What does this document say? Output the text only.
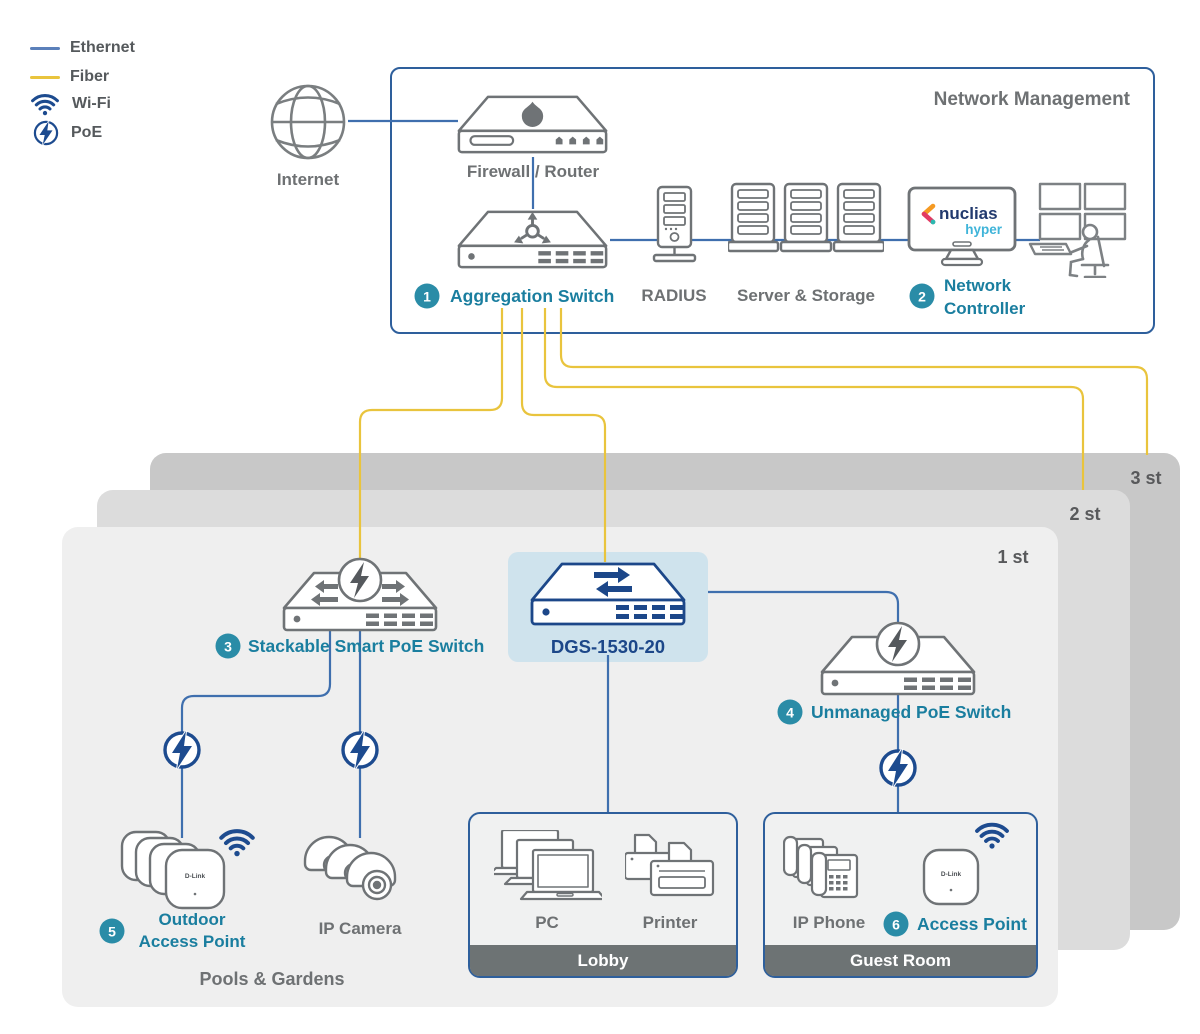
3 st
2 st
1 st
Network Management
Lobby	Guest Room
Ethernet
Fiber
Wi-Fi
PoE
Internet	Firewall / Router
1	Aggregation Switch RADIUS Server & Storage
nuclias
hyper
2
Network
Controller
3 Stackable Smart PoE Switch	DGS-1530-20
4 Unmanaged PoE Switch
D-Link
5
Outdoor
Access Point
IP Camera	PC	Printer	IP Phone
D-Link
6 Access Point
Pools & Gardens
